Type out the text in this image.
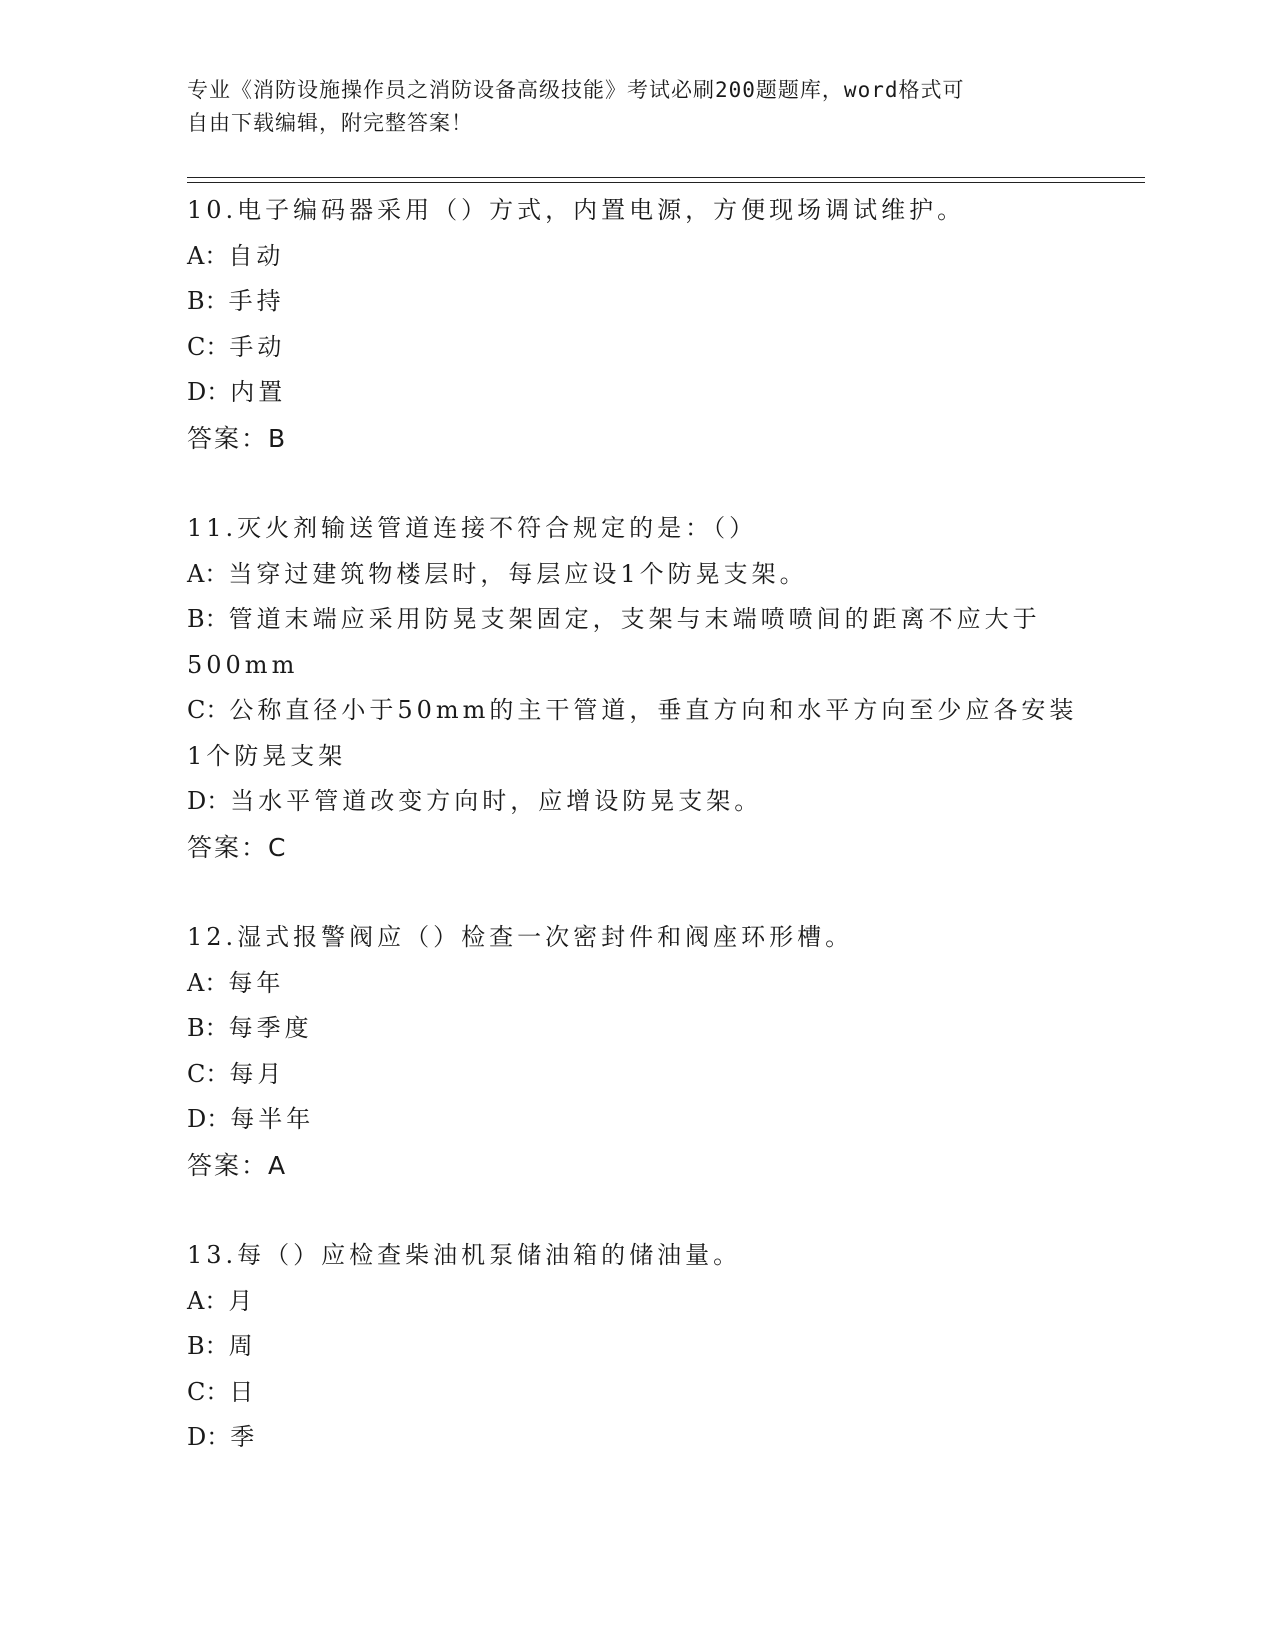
专业《消防设施操作员之消防设备高级技能》考试必刷200题题库，word格式可
自由下载编辑，附完整答案！
10.电子编码器采用（）方式，内置电源，方便现场调试维护。
A：自动
B：手持
C：手动
D：内置
答案：B
11.灭火剂输送管道连接不符合规定的是：（）
A：当穿过建筑物楼层时，每层应设1个防晃支架。
B：管道末端应采用防晃支架固定，支架与末端喷喷间的距离不应大于500mm
C：公称直径小于50mm的主干管道，垂直方向和水平方向至少应各安装1个防晃支架
D：当水平管道改变方向时，应增设防晃支架。
答案：C
12.湿式报警阀应（）检查一次密封件和阀座环形槽。
A：每年
B：每季度
C：每月
D：每半年
答案：A
13.每（）应检查柴油机泵储油箱的储油量。
A：月
B：周
C：日
D：季
